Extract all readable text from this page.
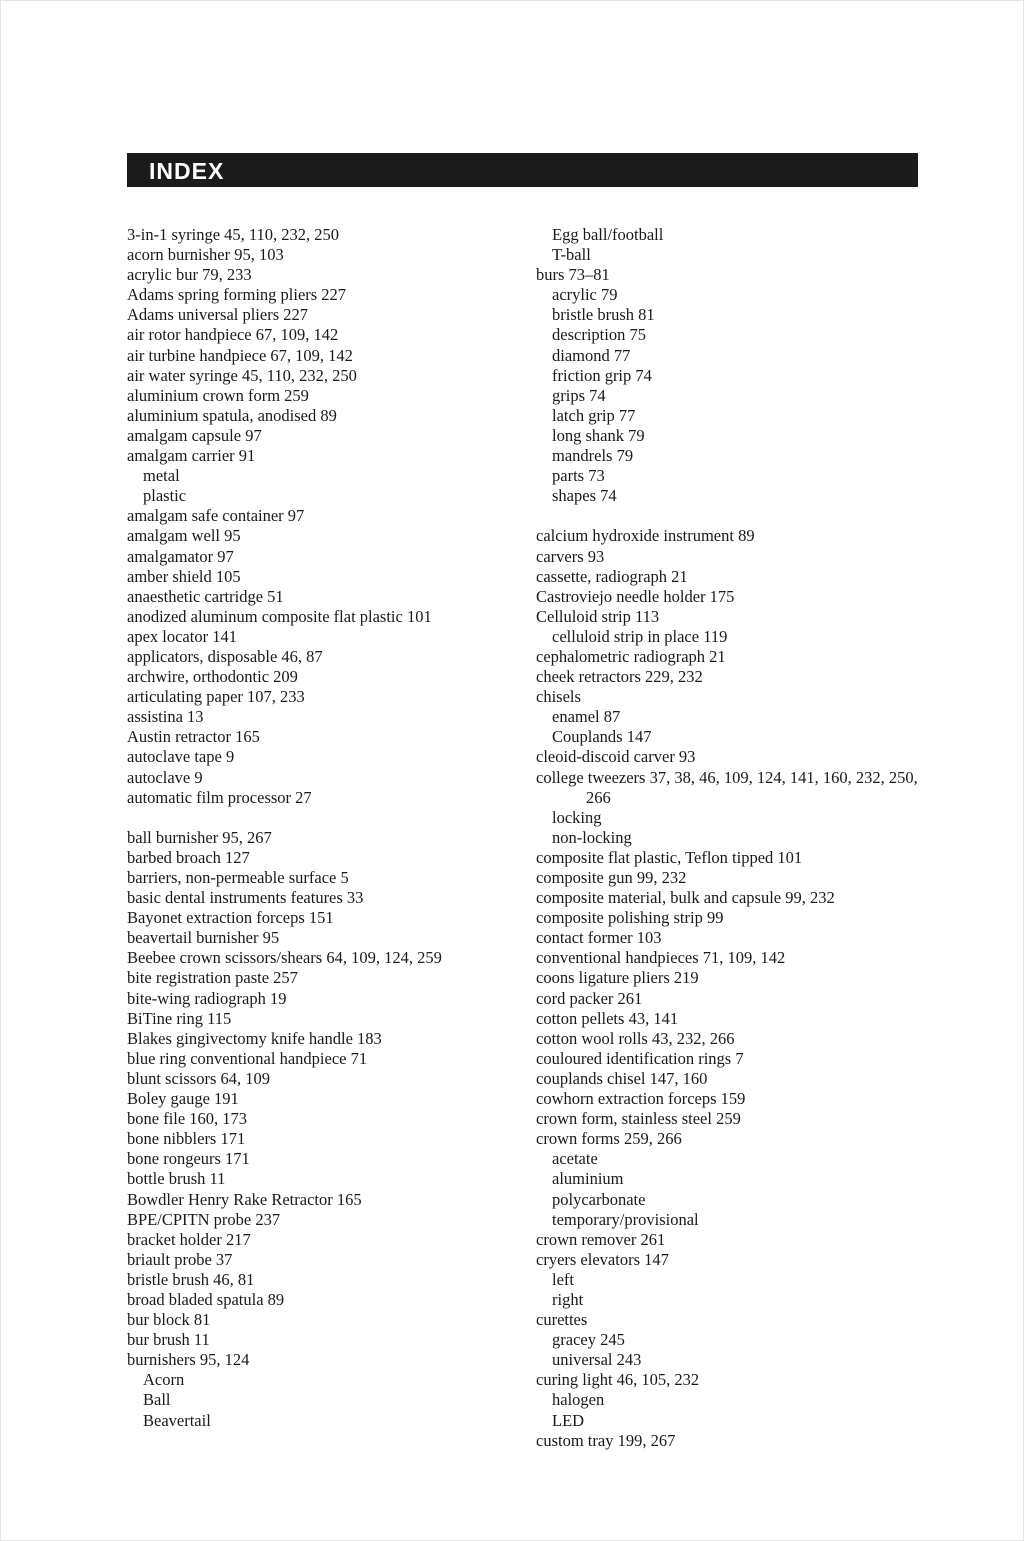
INDEX
3-in-1 syringe 45, 110, 232, 250
acorn burnisher 95, 103
acrylic bur 79, 233
Adams spring forming pliers 227
Adams universal pliers 227
air rotor handpiece 67, 109, 142
air turbine handpiece 67, 109, 142
air water syringe 45, 110, 232, 250
aluminium crown form 259
aluminium spatula, anodised 89
amalgam capsule 97
amalgam carrier 91
metal
plastic
amalgam safe container 97
amalgam well 95
amalgamator 97
amber shield 105
anaesthetic cartridge 51
anodized aluminum composite flat plastic 101
apex locator 141
applicators, disposable 46, 87
archwire, orthodontic 209
articulating paper 107, 233
assistina 13
Austin retractor 165
autoclave tape 9
autoclave 9
automatic film processor 27
ball burnisher 95, 267
barbed broach 127
barriers, non-permeable surface 5
basic dental instruments features 33
Bayonet extraction forceps 151
beavertail burnisher 95
Beebee crown scissors/shears 64, 109, 124, 259
bite registration paste 257
bite-wing radiograph 19
BiTine ring 115
Blakes gingivectomy knife handle 183
blue ring conventional handpiece 71
blunt scissors 64, 109
Boley gauge 191
bone file 160, 173
bone nibblers 171
bone rongeurs 171
bottle brush 11
Bowdler Henry Rake Retractor 165
BPE/CPITN probe 237
bracket holder 217
briault probe 37
bristle brush 46, 81
broad bladed spatula 89
bur block 81
bur brush 11
burnishers 95, 124
Acorn
Ball
Beavertail
Egg ball/football
T-ball
burs 73–81
acrylic 79
bristle brush 81
description 75
diamond 77
friction grip 74
grips 74
latch grip 77
long shank 79
mandrels 79
parts 73
shapes 74
calcium hydroxide instrument 89
carvers 93
cassette, radiograph 21
Castroviejo needle holder 175
Celluloid strip 113
celluloid strip in place 119
cephalometric radiograph 21
cheek retractors 229, 232
chisels
enamel 87
Couplands 147
cleoid-discoid carver 93
college tweezers 37, 38, 46, 109, 124, 141, 160, 232, 250, 266
locking
non-locking
composite flat plastic, Teflon tipped 101
composite gun 99, 232
composite material, bulk and capsule 99, 232
composite polishing strip 99
contact former 103
conventional handpieces 71, 109, 142
coons ligature pliers 219
cord packer 261
cotton pellets 43, 141
cotton wool rolls 43, 232, 266
couloured identification rings 7
couplands chisel 147, 160
cowhorn extraction forceps 159
crown form, stainless steel 259
crown forms 259, 266
acetate
aluminium
polycarbonate
temporary/provisional
crown remover 261
cryers elevators 147
left
right
curettes
gracey 245
universal 243
curing light 46, 105, 232
halogen
LED
custom tray 199, 267
